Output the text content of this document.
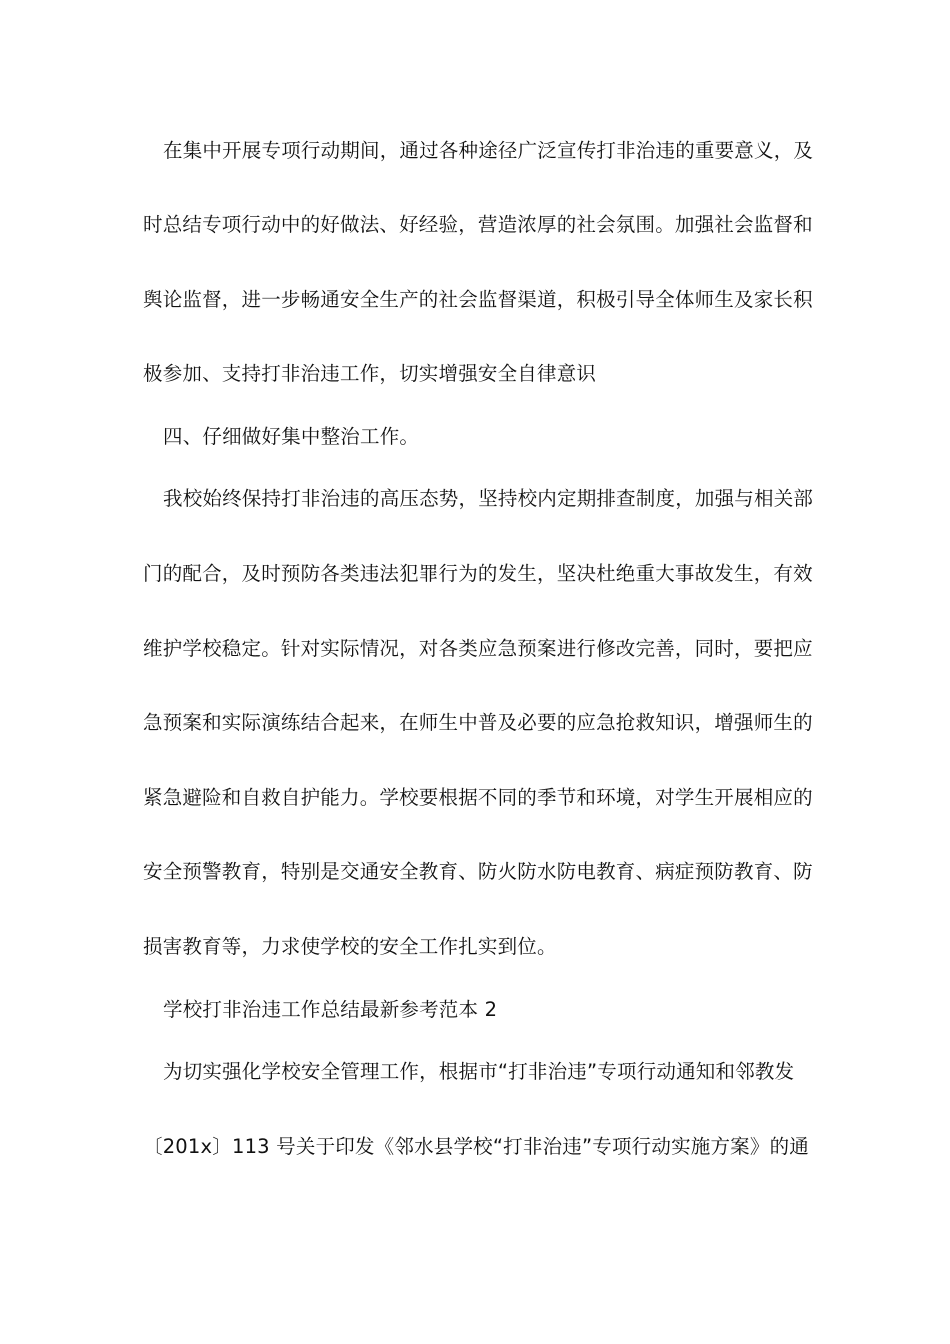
在集中开展专项行动期间，通过各种途径广泛宣传打非治违的重要意义，及
时总结专项行动中的好做法、好经验，营造浓厚的社会氛围。加强社会监督和
舆论监督，进一步畅通安全生产的社会监督渠道，积极引导全体师生及家长积
极参加、支持打非治违工作，切实增强安全自律意识
四、仔细做好集中整治工作。
我校始终保持打非治违的高压态势，坚持校内定期排查制度，加强与相关部
门的配合，及时预防各类违法犯罪行为的发生，坚决杜绝重大事故发生，有效
维护学校稳定。针对实际情况，对各类应急预案进行修改完善，同时，要把应
急预案和实际演练结合起来，在师生中普及必要的应急抢救知识，增强师生的
紧急避险和自救自护能力。学校要根据不同的季节和环境，对学生开展相应的
安全预警教育，特别是交通安全教育、防火防水防电教育、病症预防教育、防
损害教育等，力求使学校的安全工作扎实到位。
学校打非治违工作总结最新参考范本 2
为切实强化学校安全管理工作，根据市“打非治违”专项行动通知和邻教发
〔201x〕113 号关于印发《邻水县学校“打非治违”专项行动实施方案》的通
